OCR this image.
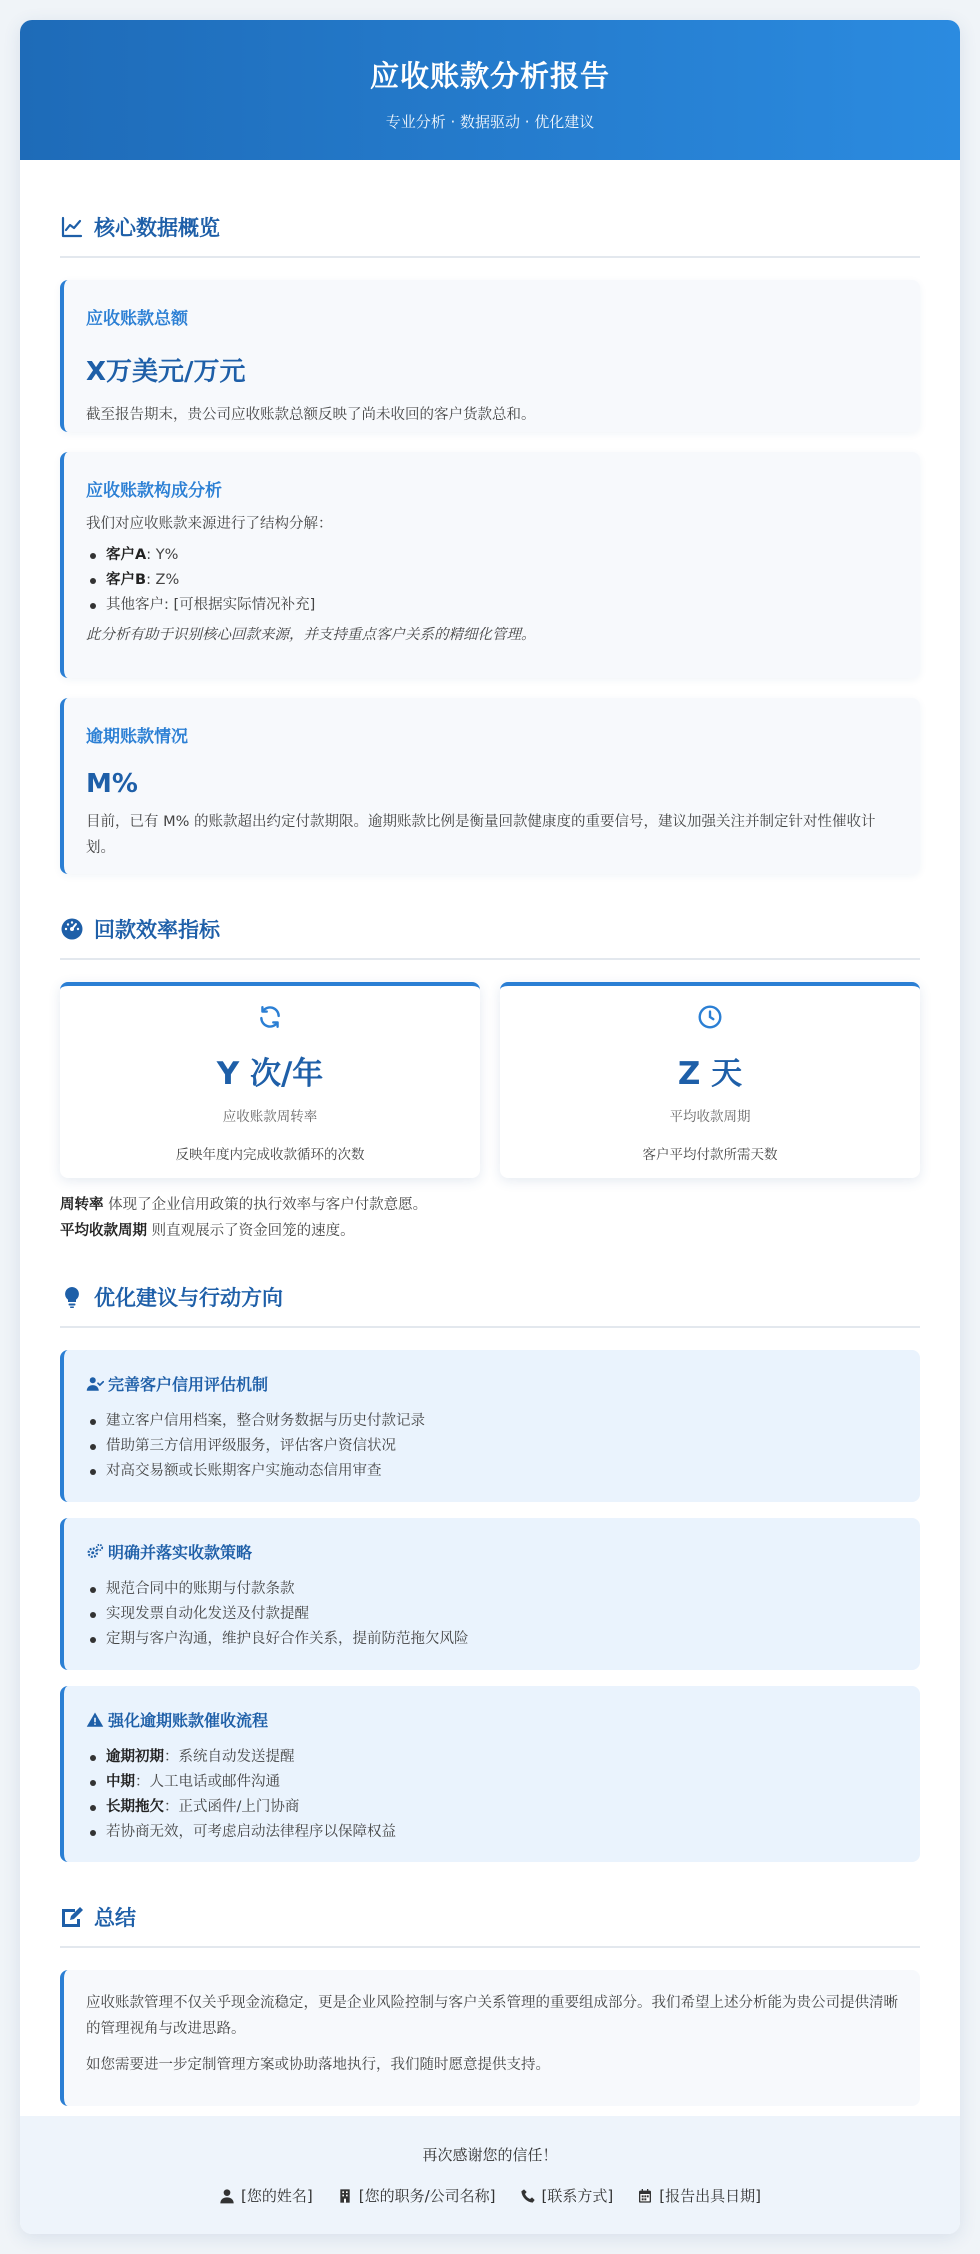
应收账款分析报告
专业分析 · 数据驱动 · 优化建议
核心数据概览
应收账款总额
X万美元/万元
截至报告期末，贵公司应收账款总额反映了尚未收回的客户货款总和。
应收账款构成分析
我们对应收账款来源进行了结构分解：
客户A: Y%
客户B: Z%
其他客户: [可根据实际情况补充]
此分析有助于识别核心回款来源，并支持重点客户关系的精细化管理。
逾期账款情况
M%
目前，已有 M% 的账款超出约定付款期限。逾期账款比例是衡量回款健康度的重要信号，建议加强关注并制定针对性催收计划。
回款效率指标
Y 次/年
应收账款周转率
反映年度内完成收款循环的次数
Z 天
平均收款周期
客户平均付款所需天数
周转率 体现了企业信用政策的执行效率与客户付款意愿。
平均收款周期 则直观展示了资金回笼的速度。
优化建议与行动方向
完善客户信用评估机制
建立客户信用档案，整合财务数据与历史付款记录
借助第三方信用评级服务，评估客户资信状况
对高交易额或长账期客户实施动态信用审查
明确并落实收款策略
规范合同中的账期与付款条款
实现发票自动化发送及付款提醒
定期与客户沟通，维护良好合作关系，提前防范拖欠风险
强化逾期账款催收流程
逾期初期：系统自动发送提醒
中期：人工电话或邮件沟通
长期拖欠：正式函件/上门协商
若协商无效，可考虑启动法律程序以保障权益
总结
应收账款管理不仅关乎现金流稳定，更是企业风险控制与客户关系管理的重要组成部分。我们希望上述分析能为贵公司提供清晰的管理视角与改进思路。
如您需要进一步定制管理方案或协助落地执行，我们随时愿意提供支持。
再次感谢您的信任！
[您的姓名]	[您的职务/公司名称]	[联系方式]	[报告出具日期]
